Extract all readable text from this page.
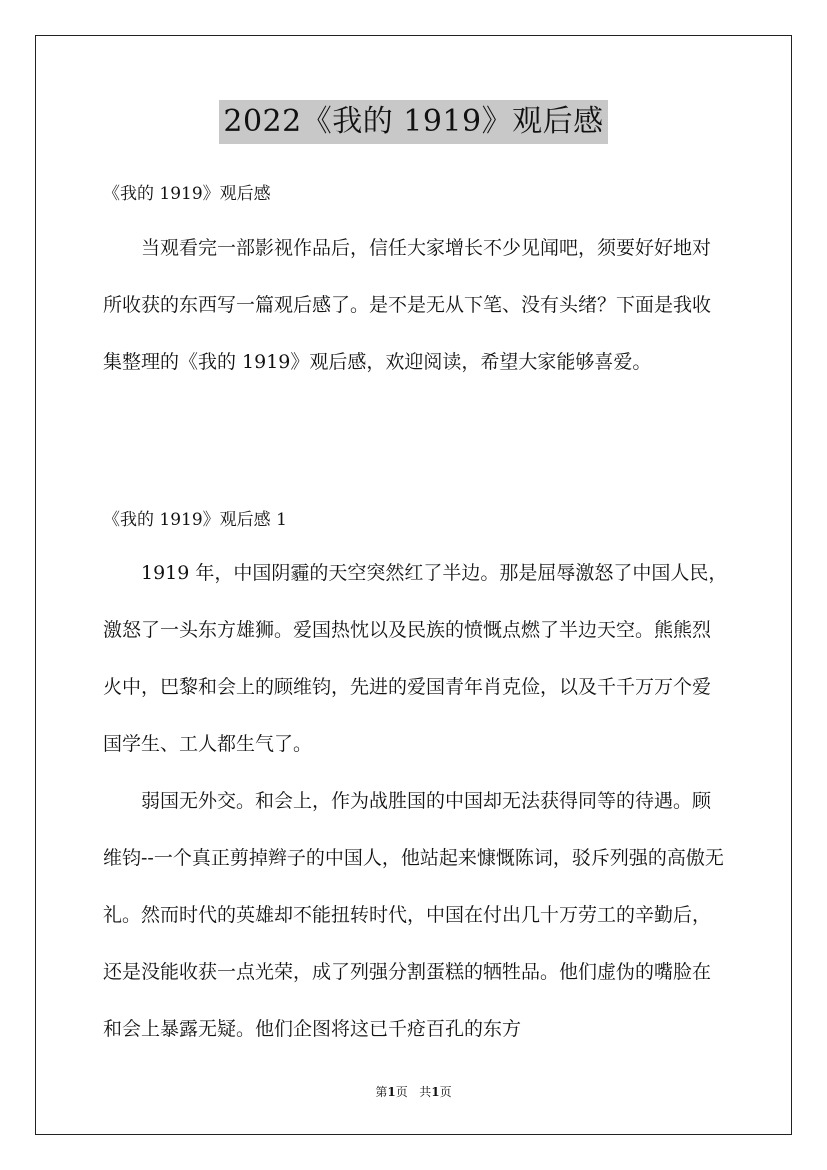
2022《我的 1919》观后感
《我的 1919》观后感

当观看完一部影视作品后，信任大家增长不少见闻吧，须要好好地对所收获的东西写一篇观后感了。是不是无从下笔、没有头绪？下面是我收集整理的《我的 1919》观后感，欢迎阅读，希望大家能够喜爱。

《我的 1919》观后感 1

1919 年，中国阴霾的天空突然红了半边。那是屈辱激怒了中国人民，激怒了一头东方雄狮。爱国热忱以及民族的愤慨点燃了半边天空。熊熊烈火中，巴黎和会上的顾维钧，先进的爱国青年肖克俭，以及千千万万个爱国学生、工人都生气了。

弱国无外交。和会上，作为战胜国的中国却无法获得同等的待遇。顾维钧--一个真正剪掉辫子的中国人，他站起来慷慨陈词，驳斥列强的高傲无礼。然而时代的英雄却不能扭转时代，中国在付出几十万劳工的辛勤后，还是没能收获一点光荣，成了列强分割蛋糕的牺牲品。他们虚伪的嘴脸在和会上暴露无疑。他们企图将这已千疮百孔的东方

第1页 共1页
